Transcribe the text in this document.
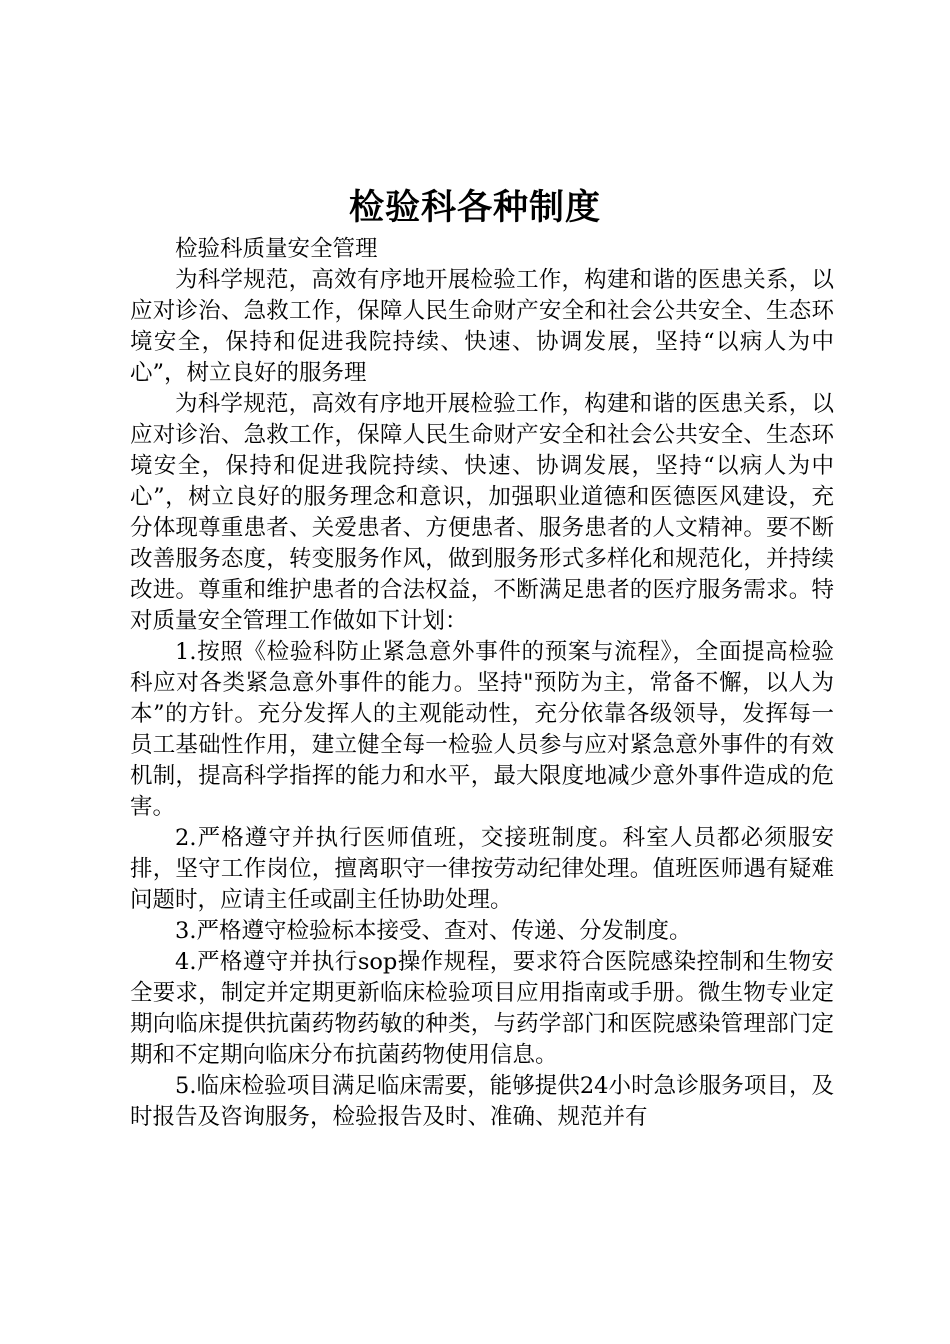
检验科各种制度

检验科质量安全管理

为科学规范，高效有序地开展检验工作，构建和谐的医患关系，以应对诊治、急救工作，保障人民生命财产安全和社会公共安全、生态环境安全，保持和促进我院持续、快速、协调发展，坚持“以病人为中心”，树立良好的服务理

为科学规范，高效有序地开展检验工作，构建和谐的医患关系，以应对诊治、急救工作，保障人民生命财产安全和社会公共安全、生态环境安全，保持和促进我院持续、快速、协调发展，坚持“以病人为中心”，树立良好的服务理念和意识，加强职业道德和医德医风建设，充分体现尊重患者、关爱患者、方便患者、服务患者的人文精神。要不断改善服务态度，转变服务作风，做到服务形式多样化和规范化，并持续改进。尊重和维护患者的合法权益，不断满足患者的医疗服务需求。特对质量安全管理工作做如下计划：

1.按照《检验科防止紧急意外事件的预案与流程》，全面提高检验科应对各类紧急意外事件的能力。坚持"预防为主，常备不懈，以人为本”的方针。充分发挥人的主观能动性，充分依靠各级领导，发挥每一员工基础性作用，建立健全每一检验人员参与应对紧急意外事件的有效机制，提高科学指挥的能力和水平，最大限度地减少意外事件造成的危害。

2.严格遵守并执行医师值班，交接班制度。科室人员都必须服安排，坚守工作岗位，擅离职守一律按劳动纪律处理。值班医师遇有疑难问题时，应请主任或副主任协助处理。

3.严格遵守检验标本接受、查对、传递、分发制度。

4.严格遵守并执行sop操作规程，要求符合医院感染控制和生物安全要求，制定并定期更新临床检验项目应用指南或手册。微生物专业定期向临床提供抗菌药物药敏的种类，与药学部门和医院感染管理部门定期和不定期向临床分布抗菌药物使用信息。

5.临床检验项目满足临床需要，能够提供24小时急诊服务项目，及时报告及咨询服务，检验报告及时、准确、规范并有
